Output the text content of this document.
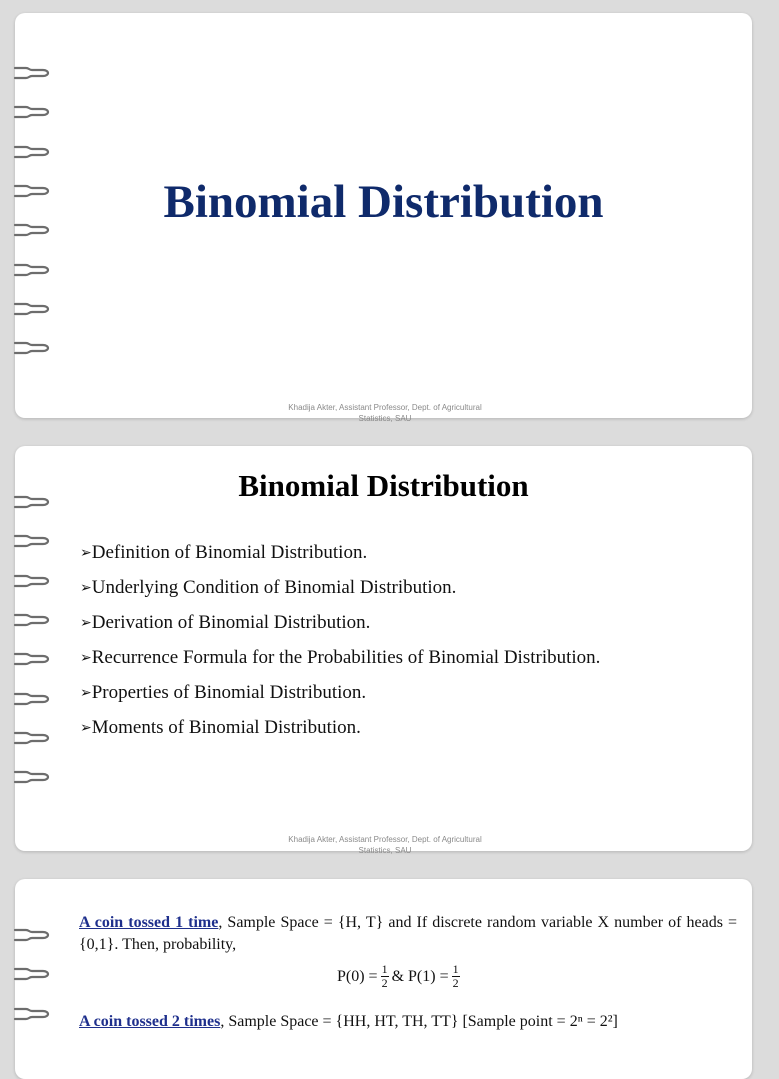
Binomial Distribution
Khadija Akter, Assistant Professor, Dept. of Agricultural
Statistics, SAU
Binomial Distribution
➢Definition of Binomial Distribution.
➢Underlying Condition of Binomial Distribution.
➢Derivation of Binomial Distribution.
➢Recurrence Formula for the Probabilities of Binomial Distribution.
➢Properties of Binomial Distribution.
➢Moments of Binomial Distribution.
Khadija Akter, Assistant Professor, Dept. of Agricultural
Statistics, SAU
A coin tossed 1 time, Sample Space = {H, T} and If discrete random variable X number of heads = {0,1}. Then, probability,
$P(0) = \frac{1}{2}$ & $P(1) = \frac{1}{2}$
A coin tossed 2 times, Sample Space = {HH, HT, TH, TT} [Sample point = 2ⁿ = 2²]
